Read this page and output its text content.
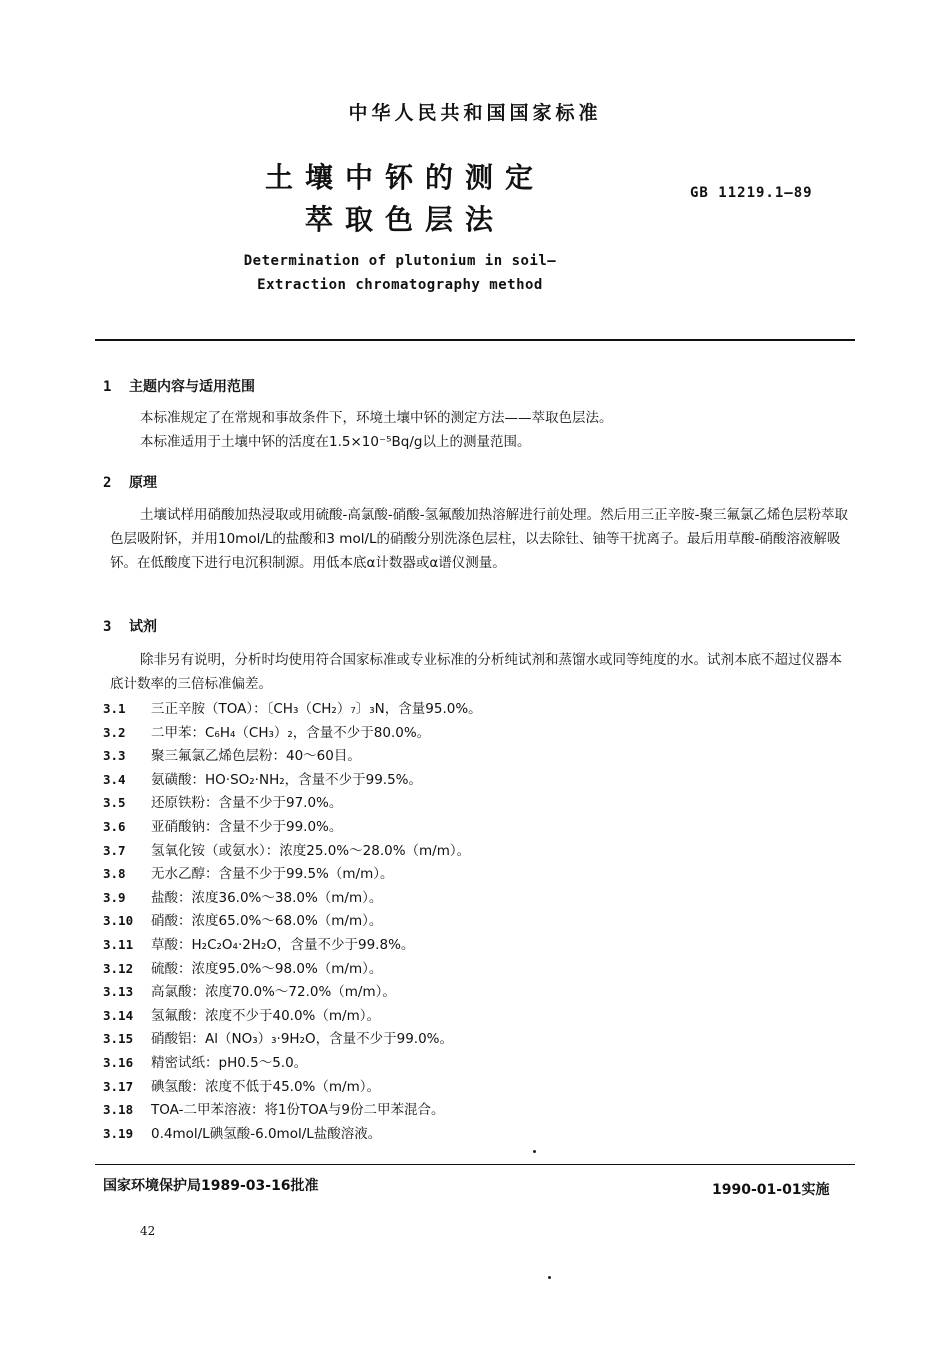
中华人民共和国国家标准
土壤中钚的测定
萃取色层法
GB 11219.1—89
Determination of plutonium in soil—
Extraction chromatography method
1 主题内容与适用范围

本标准规定了在常规和事故条件下，环境土壤中钚的测定方法——萃取色层法。

本标准适用于土壤中钚的活度在1.5×10⁻⁵Bq/g以上的测量范围。

2 原理

土壤试样用硝酸加热浸取或用硫酸-高氯酸-硝酸-氢氟酸加热溶解进行前处理。然后用三正辛胺-聚三氟氯乙烯色层粉萃取色层吸附钚，并用10mol/L的盐酸和3 mol/L的硝酸分别洗涤色层柱，以去除钍、铀等干扰离子。最后用草酸-硝酸溶液解吸钚。在低酸度下进行电沉积制源。用低本底α计数器或α谱仪测量。

3 试剂

除非另有说明，分析时均使用符合国家标准或专业标准的分析纯试剂和蒸馏水或同等纯度的水。试剂本底不超过仪器本底计数率的三倍标准偏差。

3.1 三正辛胺（TOA）：〔CH₃（CH₂）₇〕₃N，含量95.0%。
3.2 二甲苯：C₆H₄（CH₃）₂，含量不少于80.0%。
3.3 聚三氟氯乙烯色层粉：40～60目。
3.4 氨磺酸：HO·SO₂·NH₂，含量不少于99.5%。
3.5 还原铁粉：含量不少于97.0%。
3.6 亚硝酸钠：含量不少于99.0%。
3.7 氢氧化铵（或氨水）：浓度25.0%～28.0%（m/m）。
3.8 无水乙醇：含量不少于99.5%（m/m）。
3.9 盐酸：浓度36.0%～38.0%（m/m）。
3.10 硝酸：浓度65.0%～68.0%（m/m）。
3.11 草酸：H₂C₂O₄·2H₂O，含量不少于99.8%。
3.12 硫酸：浓度95.0%～98.0%（m/m）。
3.13 高氯酸：浓度70.0%～72.0%（m/m）。
3.14 氢氟酸：浓度不少于40.0%（m/m）。
3.15 硝酸铝：Al（NO₃）₃·9H₂O，含量不少于99.0%。
3.16 精密试纸：pH0.5～5.0。
3.17 碘氢酸：浓度不低于45.0%（m/m）。
3.18 TOA-二甲苯溶液：将1份TOA与9份二甲苯混合。
3.19 0.4mol/L碘氢酸-6.0mol/L盐酸溶液。
国家环境保护局1989-03-16批准	1990-01-01实施
42
